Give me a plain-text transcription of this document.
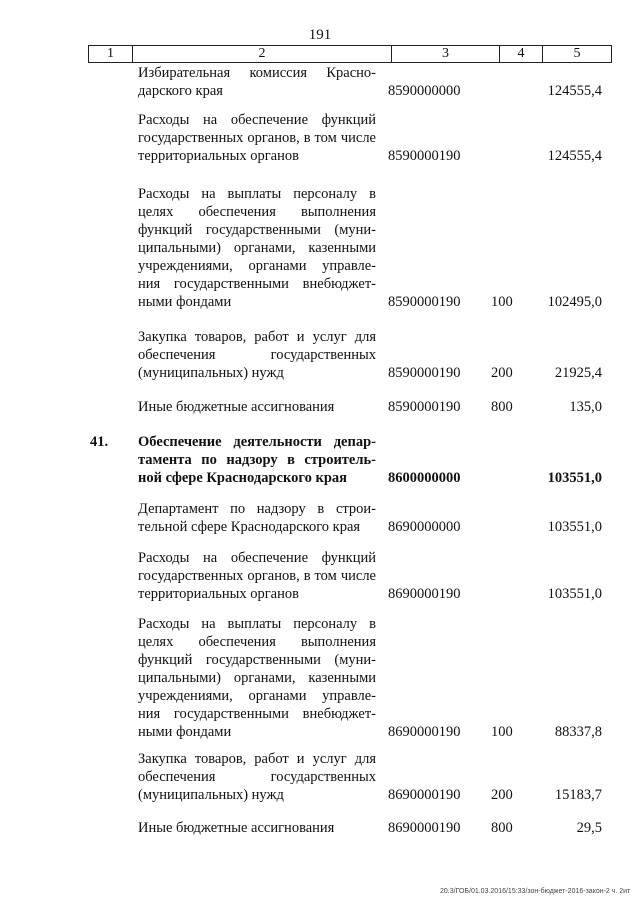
191
1	2	3	4	5
Избирательная комиссия Красно- дарского края	8590000000	124555,4
Расходы на обеспечение функций государственных органов, в том числе территориальных органов	8590000190	124555,4
Расходы на выплаты персоналу в целях обеспечения выполнения функций государственными (муни- ципальными) органами, казенными учреждениями, органами управле- ния государственными внебюджет- ными фондами	8590000190 100 102495,0
Закупка товаров, работ и услуг для обеспечения государственных (муниципальных) нужд	8590000190 200	21925,4
Иные бюджетные ассигнования	8590000190 800	135,0
41. Обеспечение деятельности депар- тамента по надзору в строитель- ной сфере Краснодарского края	8600000000	103551,0
Департамент по надзору в строи- тельной сфере Краснодарского края	8690000000	103551,0
Расходы на обеспечение функций государственных органов, в том числе территориальных органов	8690000190	103551,0
Расходы на выплаты персоналу в целях обеспечения выполнения функций государственными (муни- ципальными) органами, казенными учреждениями, органами управле- ния государственными внебюджет- ными фондами	8690000190 100	88337,8
Закупка товаров, работ и услуг для обеспечения государственных (муниципальных) нужд	8690000190 200	15183,7
Иные бюджетные ассигнования	8690000190 800	29,5
20.3/ГОБ/01.03.2016/15:33/зон-бюджет-2016-закон-2 ч. 2ит
